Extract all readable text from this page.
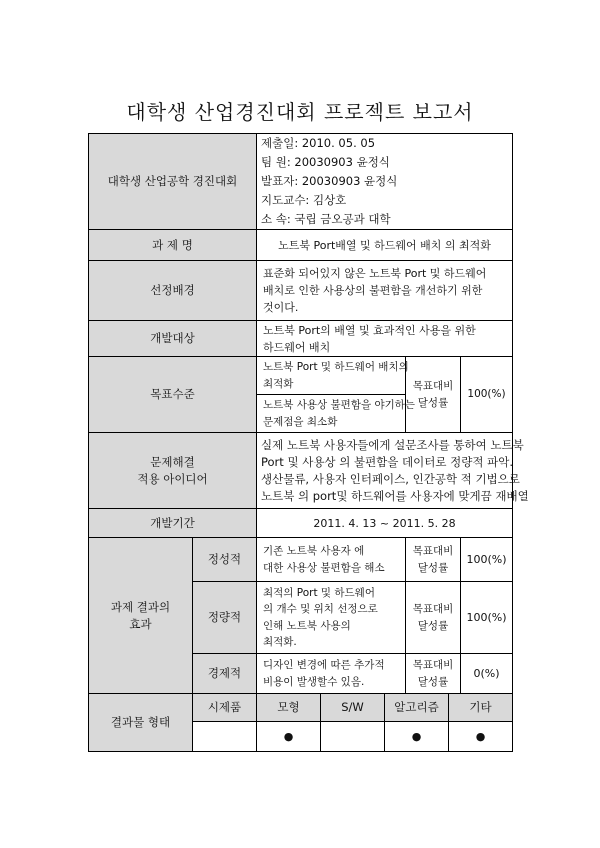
대학생 산업경진대회 프로젝트 보고서
대학생 산업공학 경진대회		제출일: 2010. 05. 05
팀 원: 20030903 윤정식
발표자: 20030903 윤정식
지도교수: 김상호
소 속: 국립 금오공과 대학		

과 제 명		노트북 Port배열 및 하드웨어 배치 의 최적화		
선정배경		표준화 되어있지 않은 노트북 Port 및 하드웨어
배치로 인한 사용상의 불편함을 개선하기 위한
것이다.		

개발대상		노트북 Port의 배열 및 효과적인 사용을 위한
하드웨어 배치		

목표수준		노트북 Port 및 하드웨어 배치의
최적화	목표대비
달성률	100(%)

		노트북 사용상 불편함을 야기하는
문제점을 최소화		

문제해결
적용 아이디어		실제 노트북 사용자들에게 설문조사를 통하여 노트북
Port 및 사용상 의 불편함을 데이터로 정량적 파악.
생산물류, 사용자 인터페이스, 인간공학 적 기법으로
노트북 의 port및 하드웨어를 사용자에 맞게끔 재배열		

개발기간		2011. 4. 13 ~ 2011. 5. 28		

과제 결과의
효과	정성적	기존 노트북 사용자 에
대한 사용상 불편함을 해소	목표대비
달성률	100(%)
	정량적	최적의 Port 및 하드웨어
의 개수 및 위치 선정으로
인해 노트북 사용의
최적화.	목표대비
달성률	100(%)
	경제적	디자인 변경에 따른 추가적
비용이 발생할수 있음.	목표대비
달성률	0(%)
결과물 형태	시제품	모형	S/W	알고리즘	기타
		●		●	●
